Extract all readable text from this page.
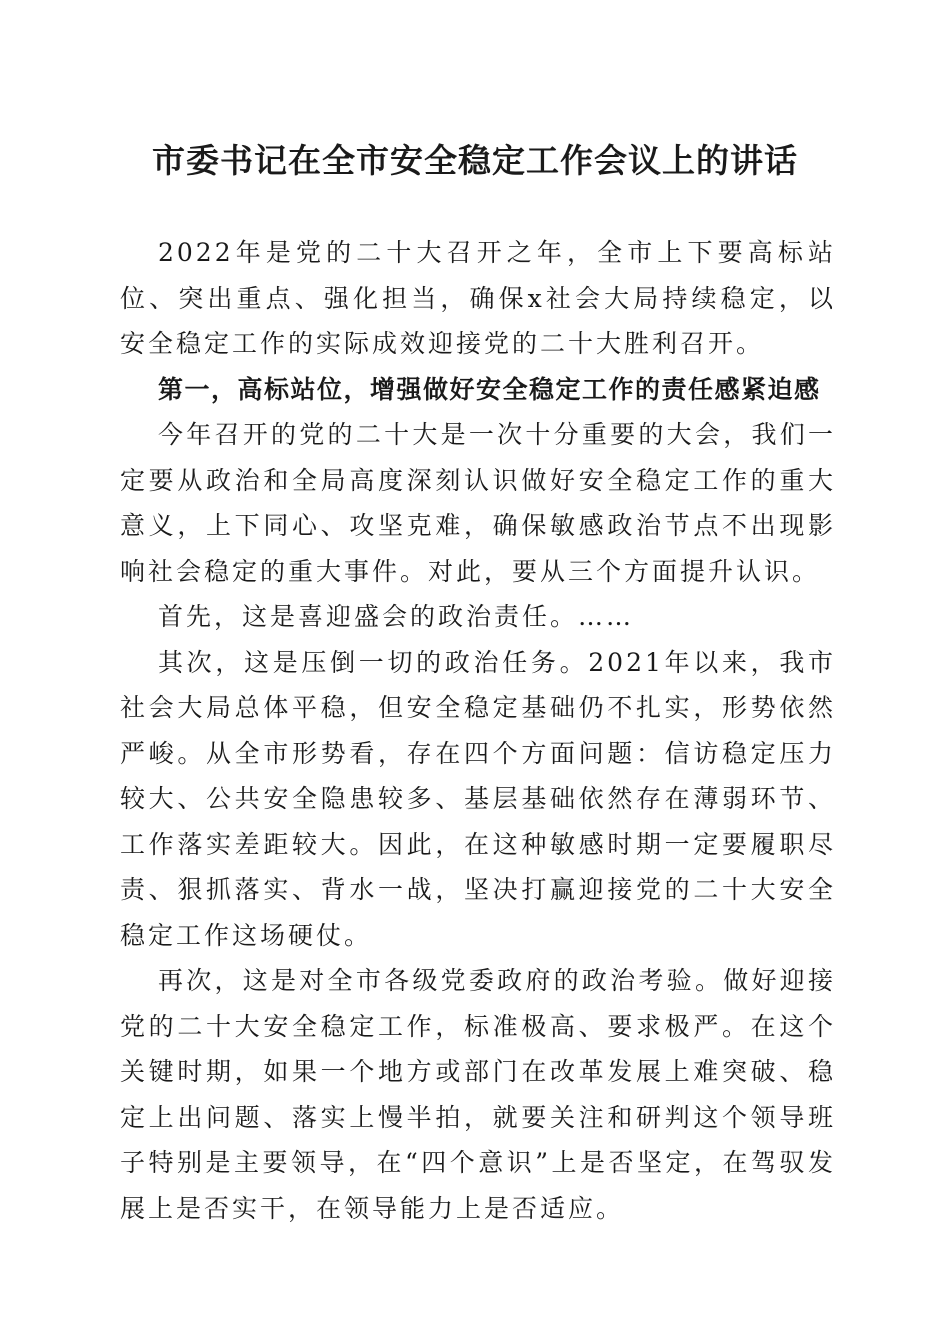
市委书记在全市安全稳定工作会议上的讲话

2022年是党的二十大召开之年，全市上下要高标站位、突出重点、强化担当，确保x社会大局持续稳定，以安全稳定工作的实际成效迎接党的二十大胜利召开。

第一，高标站位，增强做好安全稳定工作的责任感紧迫感

今年召开的党的二十大是一次十分重要的大会，我们一定要从政治和全局高度深刻认识做好安全稳定工作的重大意义，上下同心、攻坚克难，确保敏感政治节点不出现影响社会稳定的重大事件。对此，要从三个方面提升认识。

首先，这是喜迎盛会的政治责任。……

其次，这是压倒一切的政治任务。2021年以来，我市社会大局总体平稳，但安全稳定基础仍不扎实，形势依然严峻。从全市形势看，存在四个方面问题：信访稳定压力较大、公共安全隐患较多、基层基础依然存在薄弱环节、工作落实差距较大。因此，在这种敏感时期一定要履职尽责、狠抓落实、背水一战，坚决打赢迎接党的二十大安全稳定工作这场硬仗。

再次，这是对全市各级党委政府的政治考验。做好迎接党的二十大安全稳定工作，标准极高、要求极严。在这个关键时期，如果一个地方或部门在改革发展上难突破、稳定上出问题、落实上慢半拍，就要关注和研判这个领导班子特别是主要领导，在“四个意识”上是否坚定，在驾驭发展上是否实干，在领导能力上是否适应。
